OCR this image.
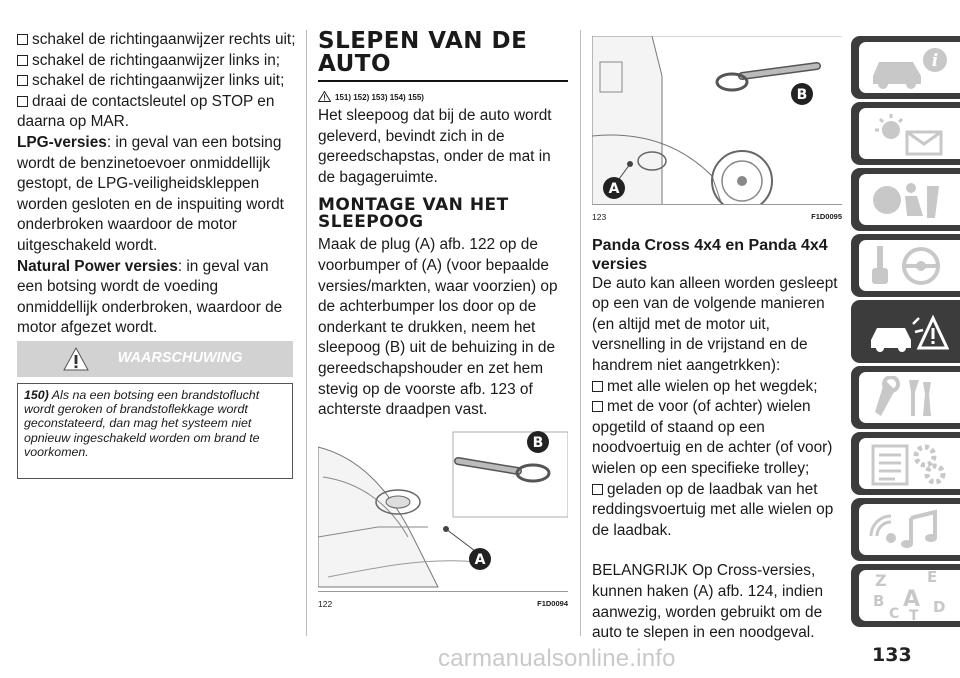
schakel de richtingaanwijzer rechts uit;
schakel de richtingaanwijzer links in;
schakel de richtingaanwijzer links uit;
draai de contactsleutel op STOP en daarna op MAR.

LPG-versies: in geval van een botsing wordt de benzinetoevoer onmiddellijk gestopt, de LPG-veiligheidskleppen worden gesloten en de inspuiting wordt onderbroken waardoor de motor uitgeschakeld wordt.

Natural Power versies: in geval van een botsing wordt de voeding onmiddellijk onderbroken, waardoor de motor afgezet wordt.

WAARSCHUWING
150) Als na een botsing een brandstoflucht wordt geroken of brandstoflekkage wordt geconstateerd, dan mag het systeem niet opnieuw ingeschakeld worden om brand te voorkomen.
SLEPEN VAN DE
AUTO
151) 152) 153) 154) 155)

Het sleepoog dat bij de auto wordt geleverd, bevindt zich in de gereedschapstas, onder de mat in de bagageruimte.

MONTAGE VAN HET
SLEEPOOG

Maak de plug (A) afb. 122 op de voorbumper of (A) (voor bepaalde versies/markten, waar voorzien) op de achterbumper los door op de onderkant te drukken, neem het sleepoog (B) uit de behuizing in de gereedschapshouder en zet hem stevig op de voorste afb. 123 of achterste draadpen vast.

B
A
122	F1D0094
B
A
123	F1D0095

Panda Cross 4x4 en Panda 4x4 versies

De auto kan alleen worden gesleept op een van de volgende manieren (en altijd met de motor uit, versnelling in de vrijstand en de handrem niet aangetrkken):

met alle wielen op het wegdek;
met de voor (of achter) wielen opgetild of staand op een noodvoertuig en de achter (of voor) wielen op een specifieke trolley;
geladen op de laadbak van het reddingsvoertuig met alle wielen op de laadbak.

BELANGRIJK Op Cross-versies, kunnen haken (A) afb. 124, indien aanwezig, worden gebruikt om de auto te slepen in een noodgeval.

i
Z	E
B A
C T D
133
carmanualsonline.info
